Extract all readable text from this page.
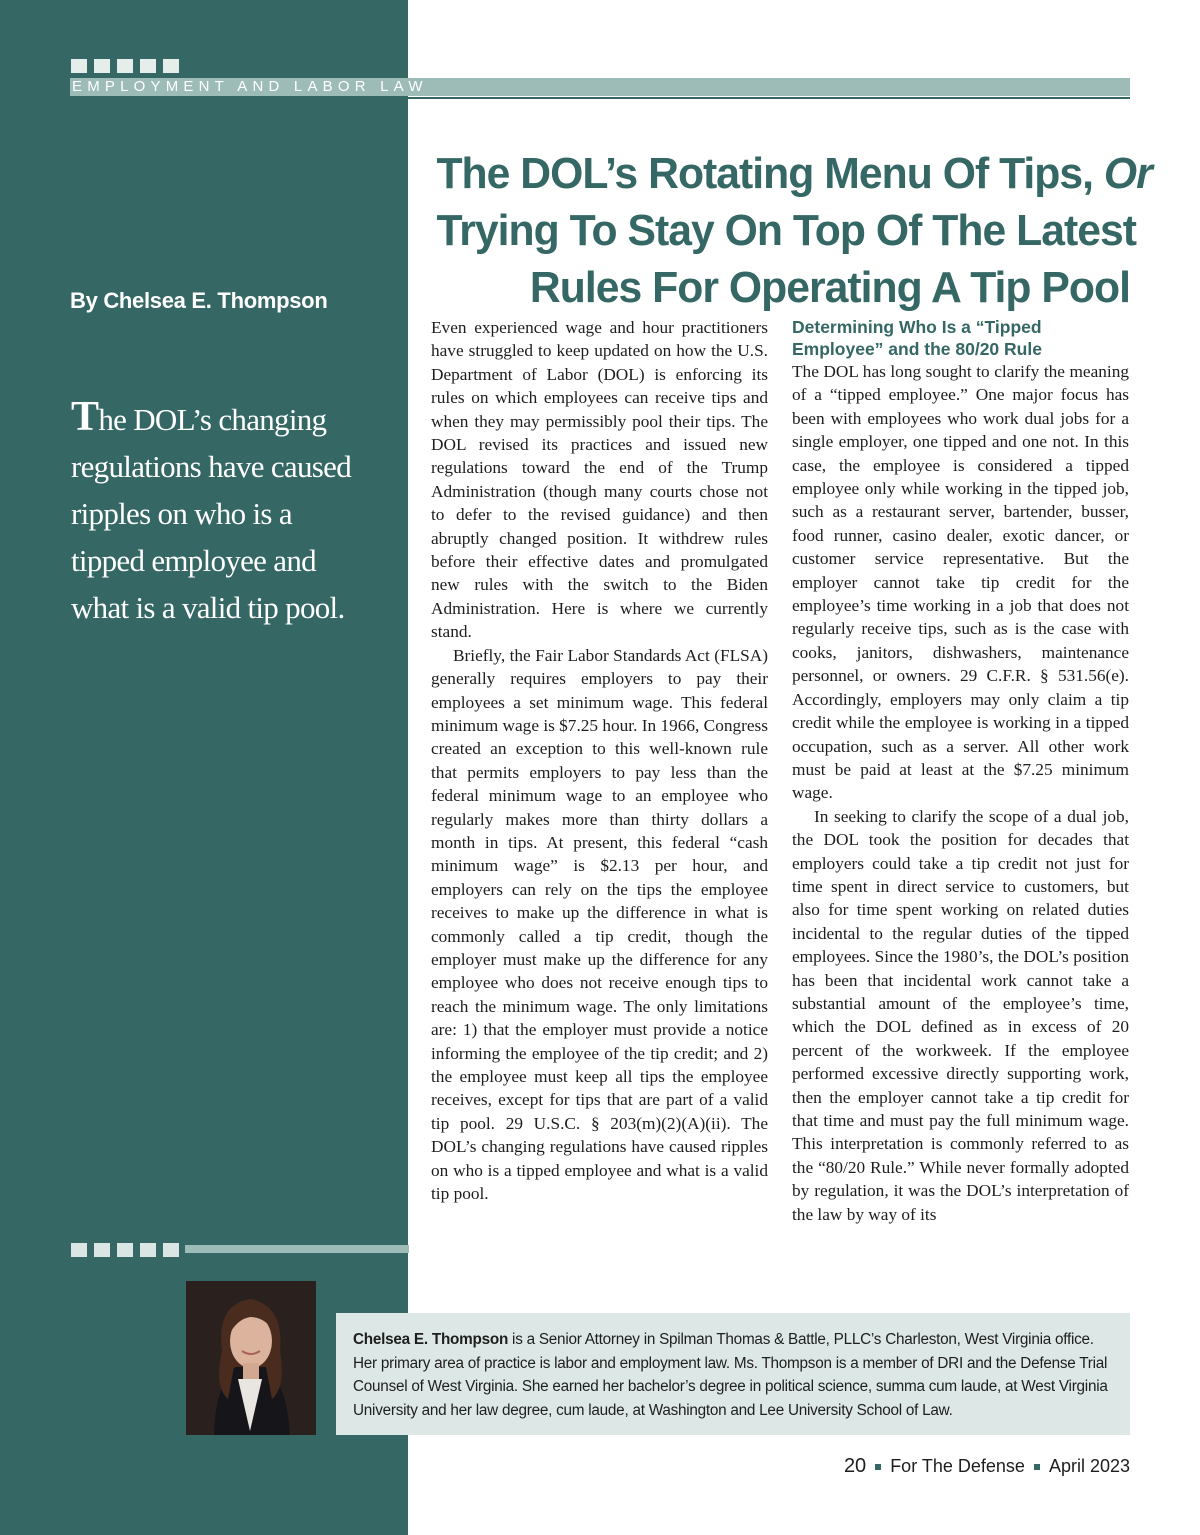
EMPLOYMENT AND LABOR LAW
The DOL’s Rotating Menu Of Tips, Or
Trying To Stay On Top Of The Latest
Rules For Operating A Tip Pool
By Chelsea E. Thompson
The DOL’s changing
regulations have caused
ripples on who is a
tipped employee and
what is a valid tip pool.

Even experienced wage and hour practitioners have struggled to keep updated on how the U.S. Department of Labor (DOL) is enforcing its rules on which employees can receive tips and when they may permissibly pool their tips. The DOL revised its practices and issued new regulations toward the end of the Trump Administration (though many courts chose not to defer to the revised guidance) and then abruptly changed position. It withdrew rules before their effective dates and promulgated new rules with the switch to the Biden Administration. Here is where we currently stand.

Briefly, the Fair Labor Standards Act (FLSA) generally requires employers to pay their employees a set minimum wage. This federal minimum wage is $7.25 hour. In 1966, Congress created an exception to this well-known rule that permits employers to pay less than the federal minimum wage to an employee who regularly makes more than thirty dollars a month in tips. At present, this federal “cash minimum wage” is $2.13 per hour, and employers can rely on the tips the employee receives to make up the difference in what is commonly called a tip credit, though the employer must make up the difference for any employee who does not receive enough tips to reach the minimum wage. The only limitations are: 1) that the employer must provide a notice informing the employee of the tip credit; and 2) the employee must keep all tips the employee receives, except for tips that are part of a valid tip pool. 29 U.S.C. § 203(m)(2)(A)(ii). The DOL’s changing regulations have caused ripples on who is a tipped employee and what is a valid tip pool.

Determining Who Is a “Tipped Employee” and the 80/20 Rule

The DOL has long sought to clarify the meaning of a “tipped employee.” One major focus has been with employees who work dual jobs for a single employer, one tipped and one not. In this case, the employee is considered a tipped employee only while working in the tipped job, such as a restaurant server, bartender, busser, food runner, casino dealer, exotic dancer, or customer service representative. But the employer cannot take tip credit for the employee’s time working in a job that does not regularly receive tips, such as is the case with cooks, janitors, dishwashers, maintenance personnel, or owners. 29 C.F.R. § 531.56(e). Accordingly, employers may only claim a tip credit while the employee is working in a tipped occupation, such as a server. All other work must be paid at least at the $7.25 minimum wage.

In seeking to clarify the scope of a dual job, the DOL took the position for decades that employers could take a tip credit not just for time spent in direct service to customers, but also for time spent working on related duties incidental to the regular duties of the tipped employees. Since the 1980’s, the DOL’s position has been that incidental work cannot take a substantial amount of the employee’s time, which the DOL defined as in excess of 20 percent of the workweek. If the employee performed excessive directly supporting work, then the employer cannot take a tip credit for that time and must pay the full minimum wage. This interpretation is commonly referred to as the “80/20 Rule.” While never formally adopted by regulation, it was the DOL’s interpretation of the law by way of its

Chelsea E. Thompson is a Senior Attorney in Spilman Thomas & Battle, PLLC’s Charleston, West Virginia office. Her primary area of practice is labor and employment law. Ms. Thompson is a member of DRI and the Defense Trial Counsel of West Virginia. She earned her bachelor’s degree in political science, summa cum laude, at West Virginia University and her law degree, cum laude, at Washington and Lee University School of Law.
20 For The Defense April 2023
